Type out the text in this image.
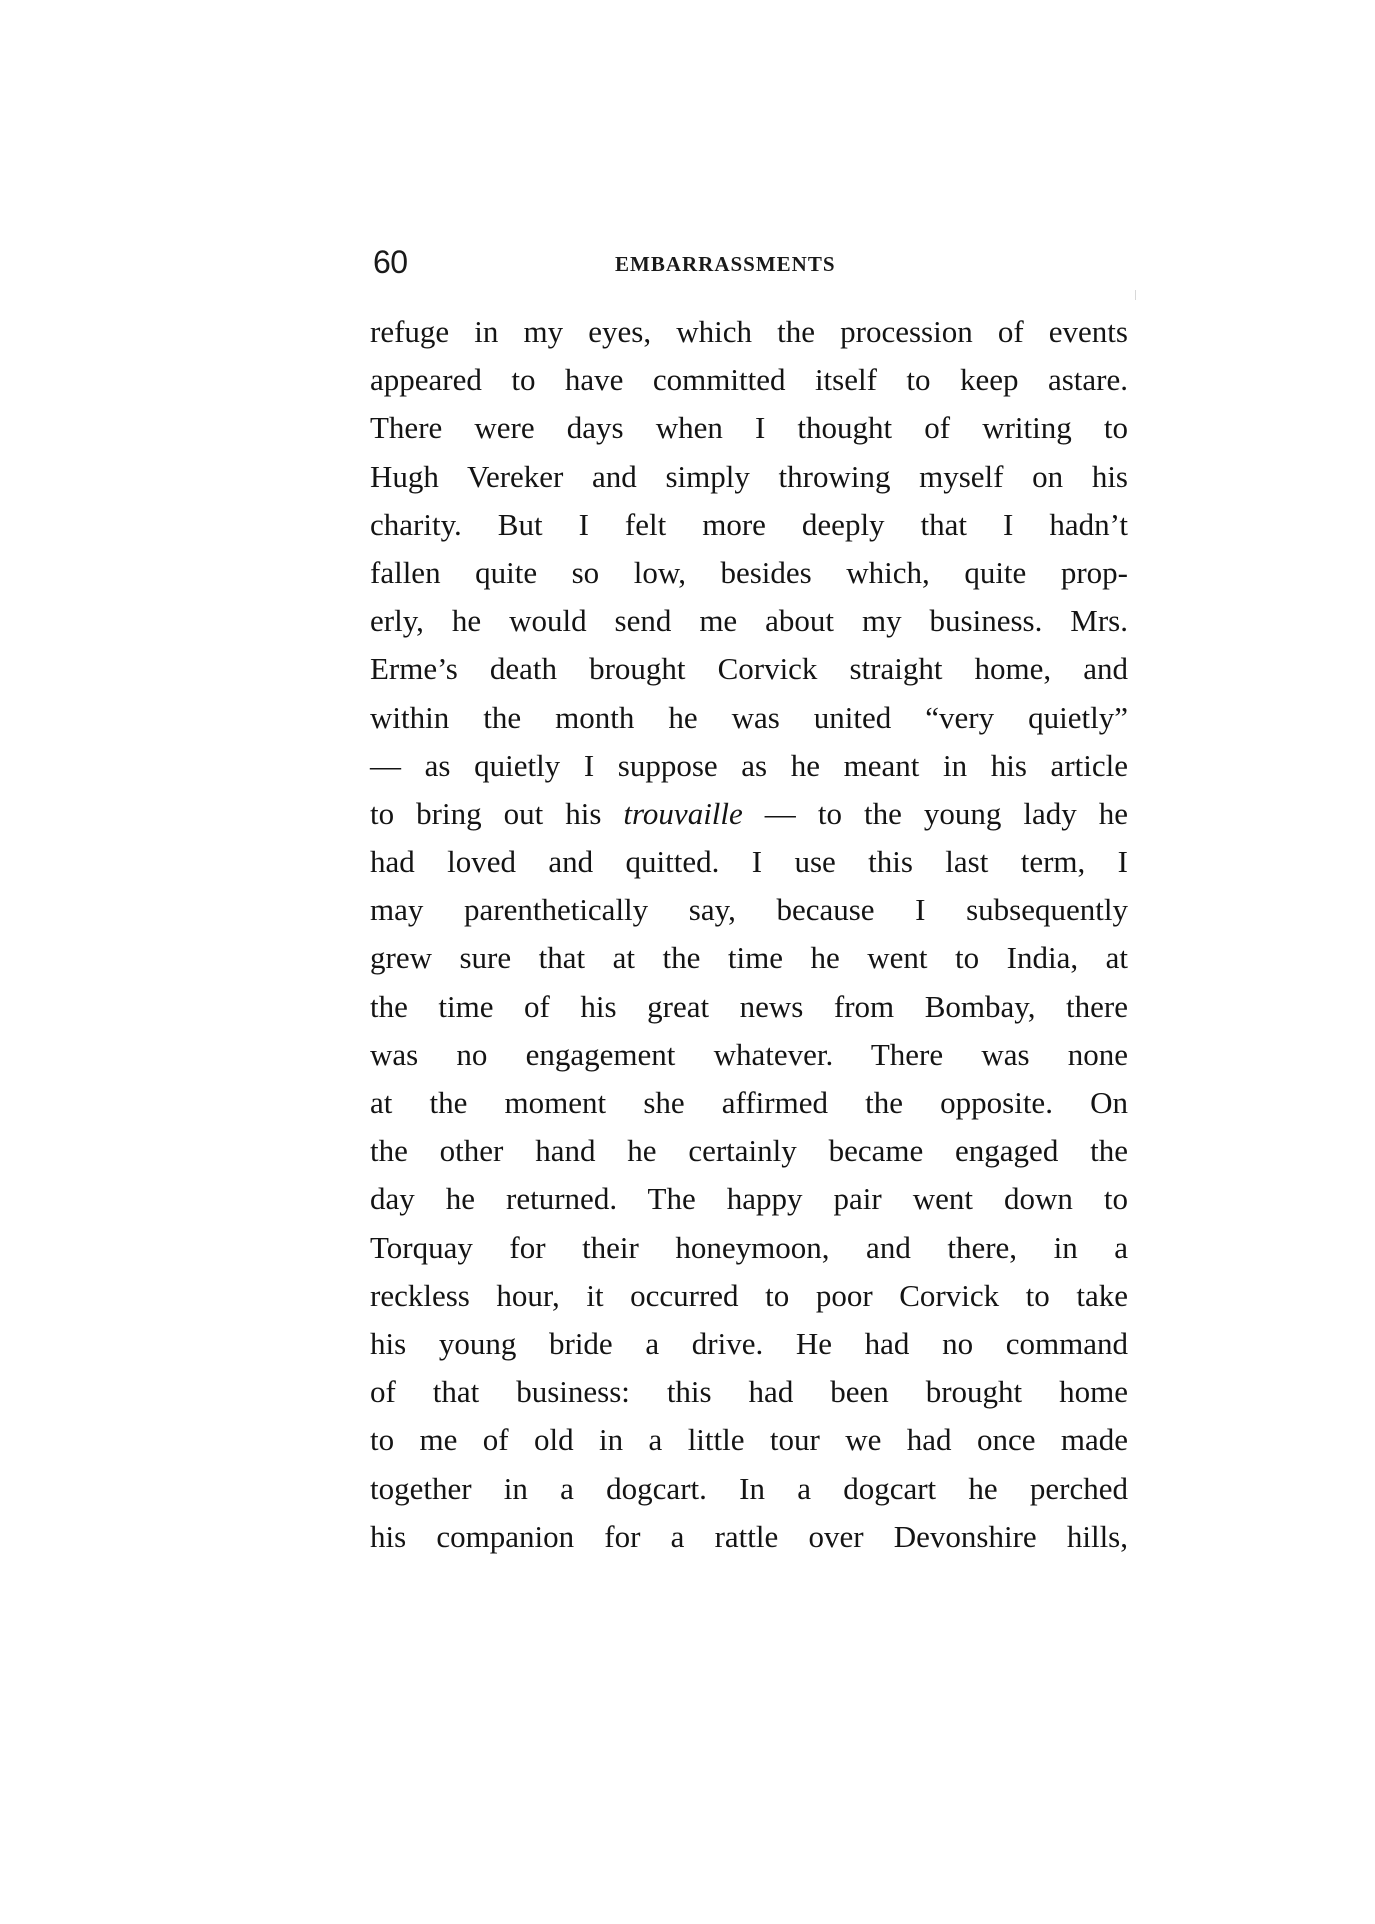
60	EMBARRASSMENTS
refuge in my eyes, which the procession of events
appeared to have committed itself to keep astare.
There were days when I thought of writing to
Hugh Vereker and simply throwing myself on his
charity. But I felt more deeply that I hadn’t
fallen quite so low, besides which, quite prop-
erly, he would send me about my business. Mrs.
Erme’s death brought Corvick straight home, and
within the month he was united “very quietly”
— as quietly I suppose as he meant in his article
to bring out his trouvaille — to the young lady he
had loved and quitted. I use this last term, I
may parenthetically say, because I subsequently
grew sure that at the time he went to India, at
the time of his great news from Bombay, there
was no engagement whatever. There was none
at the moment she affirmed the opposite. On
the other hand he certainly became engaged the
day he returned. The happy pair went down to
Torquay for their honeymoon, and there, in a
reckless hour, it occurred to poor Corvick to take
his young bride a drive. He had no command
of that business: this had been brought home
to me of old in a little tour we had once made
together in a dogcart. In a dogcart he perched
his companion for a rattle over Devonshire hills,
